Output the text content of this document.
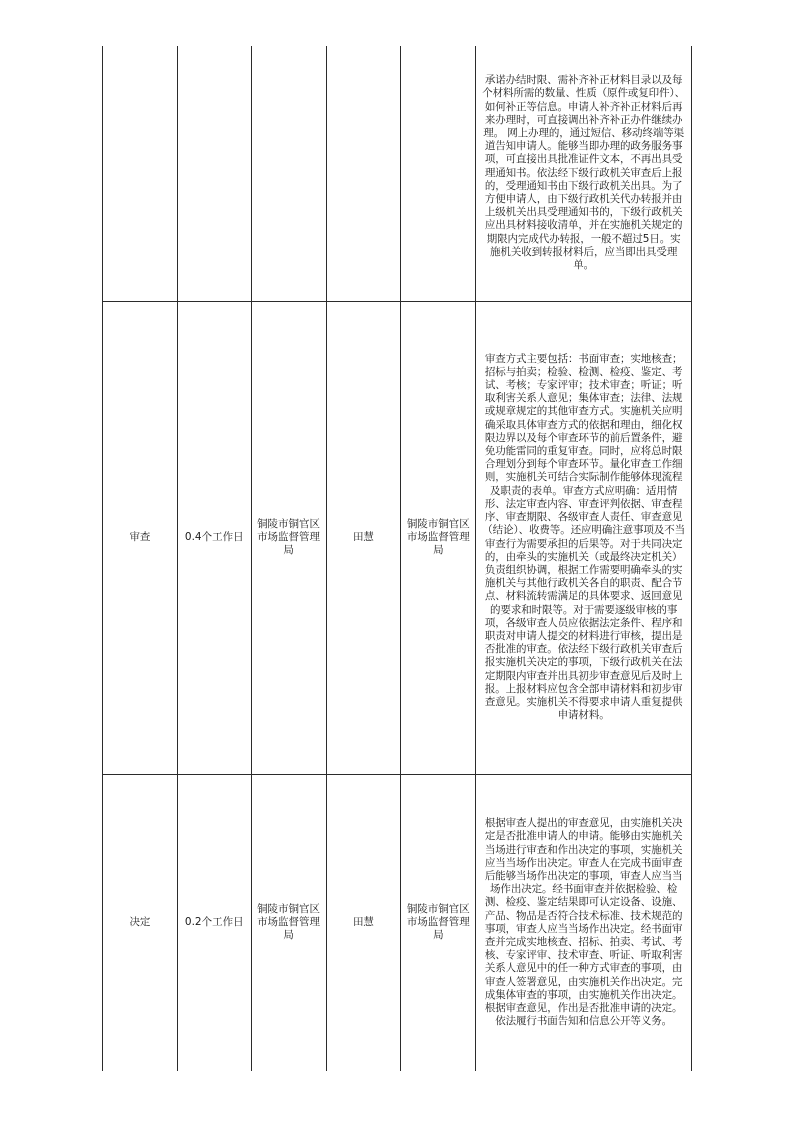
					承诺办结时限、需补齐补正材料目录以及每个材料所需的数量、性质（原件或复印件）、如何补正等信息。申请人补齐补正材料后再来办理时，可直接调出补齐补正办件继续办理。 网上办理的，通过短信、移动终端等渠道告知申请人。能够当即办理的政务服务事项，可直接出具批准证件文本，不再出具受理通知书。依法经下级行政机关审查后上报的，受理通知书由下级行政机关出具。为了方便申请人，由下级行政机关代办转报并由上级机关出具受理通知书的，下级行政机关应出具材料接收清单，并在实施机关规定的期限内完成代办转报，一般不超过5日。实施机关收到转报材料后，应当即出具受理单。
审查	0.4个工作日	铜陵市铜官区市场监督管理局	田慧	铜陵市铜官区市场监督管理局	审查方式主要包括：书面审查；实地核查；招标与拍卖；检验、检测、检疫、鉴定、考试、考核；专家评审；技术审查；听证；听取利害关系人意见；集体审查；法律、法规或规章规定的其他审查方式。实施机关应明确采取具体审查方式的依据和理由，细化权限边界以及每个审查环节的前后置条件，避免功能雷同的重复审查。同时，应将总时限合理划分到每个审查环节。量化审查工作细则，实施机关可结合实际制作能够体现流程及职责的表单。审查方式应明确：适用情形、法定审查内容、审查评判依据、审查程序、审查期限、各级审查人责任、审查意见（结论）、收费等。还应明确注意事项及不当审查行为需要承担的后果等。对于共同决定的，由牵头的实施机关（或最终决定机关）负责组织协调，根据工作需要明确牵头的实施机关与其他行政机关各自的职责、配合节点、材料流转需满足的具体要求、返回意见的要求和时限等。对于需要逐级审核的事项，各级审查人员应依据法定条件、程序和职责对申请人提交的材料进行审核，提出是否批准的审查。依法经下级行政机关审查后报实施机关决定的事项，下级行政机关在法定期限内审查并出具初步审查意见后及时上报。上报材料应包含全部申请材料和初步审查意见。实施机关不得要求申请人重复提供申请材料。
决定	0.2个工作日	铜陵市铜官区市场监督管理局	田慧	铜陵市铜官区市场监督管理局	根据审查人提出的审查意见，由实施机关决定是否批准申请人的申请。能够由实施机关当场进行审查和作出决定的事项，实施机关应当当场作出决定。审查人在完成书面审查后能够当场作出决定的事项，审查人应当当场作出决定。经书面审查并依据检验、检测、检疫、鉴定结果即可认定设备、设施、产品、物品是否符合技术标准、技术规范的事项，审查人应当当场作出决定。经书面审查并完成实地核查、招标、拍卖、考试、考核、专家评审、技术审查、听证、听取利害关系人意见中的任一种方式审查的事项，由审查人签署意见，由实施机关作出决定。完成集体审查的事项，由实施机关作出决定。根据审查意见，作出是否批准申请的决定。依法履行书面告知和信息公开等义务。
